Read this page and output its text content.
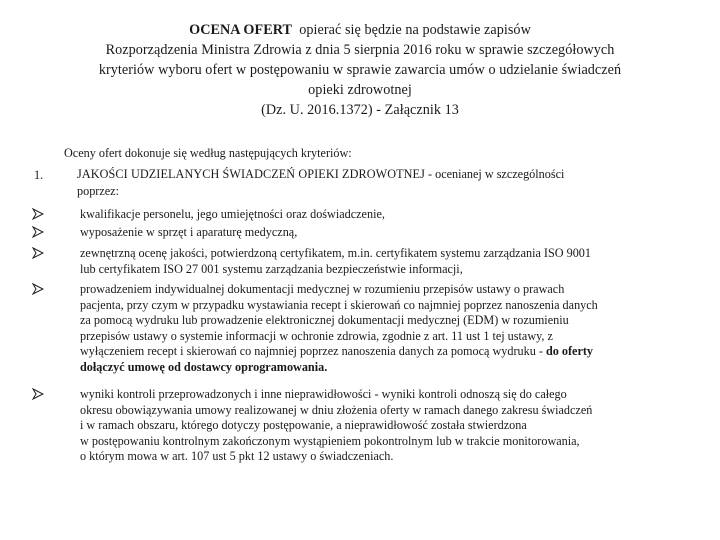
OCENA OFERT opierać się będzie na podstawie zapisów
Rozporządzenia Ministra Zdrowia z dnia 5 sierpnia 2016 roku w sprawie szczegółowych
kryteriów wyboru ofert w postępowaniu w sprawie zawarcia umów o udzielanie świadczeń
opieki zdrowotnej
(Dz. U. 2016.1372) - Załącznik 13
Oceny ofert dokonuje się według następujących kryteriów:
1.	JAKOŚCI UDZIELANYCH ŚWIADCZEŃ OPIEKI ZDROWOTNEJ - ocenianej w szczególności
poprzez:
kwalifikacje personelu, jego umiejętności oraz doświadczenie,
wyposażenie w sprzęt i aparaturę medyczną,
zewnętrzną ocenę jakości, potwierdzoną certyfikatem, m.in. certyfikatem systemu zarządzania ISO 9001
lub certyfikatem ISO 27 001 systemu zarządzania bezpieczeństwie informacji,
prowadzeniem indywidualnej dokumentacji medycznej w rozumieniu przepisów ustawy o prawach
pacjenta, przy czym w przypadku wystawiania recept i skierowań co najmniej poprzez nanoszenia danych
za pomocą wydruku lub prowadzenie elektronicznej dokumentacji medycznej (EDM) w rozumieniu
przepisów ustawy o systemie informacji w ochronie zdrowia, zgodnie z art. 11 ust 1 tej ustawy, z
wyłączeniem recept i skierowań co najmniej poprzez nanoszenia danych za pomocą wydruku - do oferty
dołączyć umowę od dostawcy oprogramowania.
wyniki kontroli przeprowadzonych i inne nieprawidłowości - wyniki kontroli odnoszą się do całego
okresu obowiązywania umowy realizowanej w dniu złożenia oferty w ramach danego zakresu świadczeń
i w ramach obszaru, którego dotyczy postępowanie, a nieprawidłowość została stwierdzona
w postępowaniu kontrolnym zakończonym wystąpieniem pokontrolnym lub w trakcie monitorowania,
o którym mowa w art. 107 ust 5 pkt 12 ustawy o świadczeniach.
